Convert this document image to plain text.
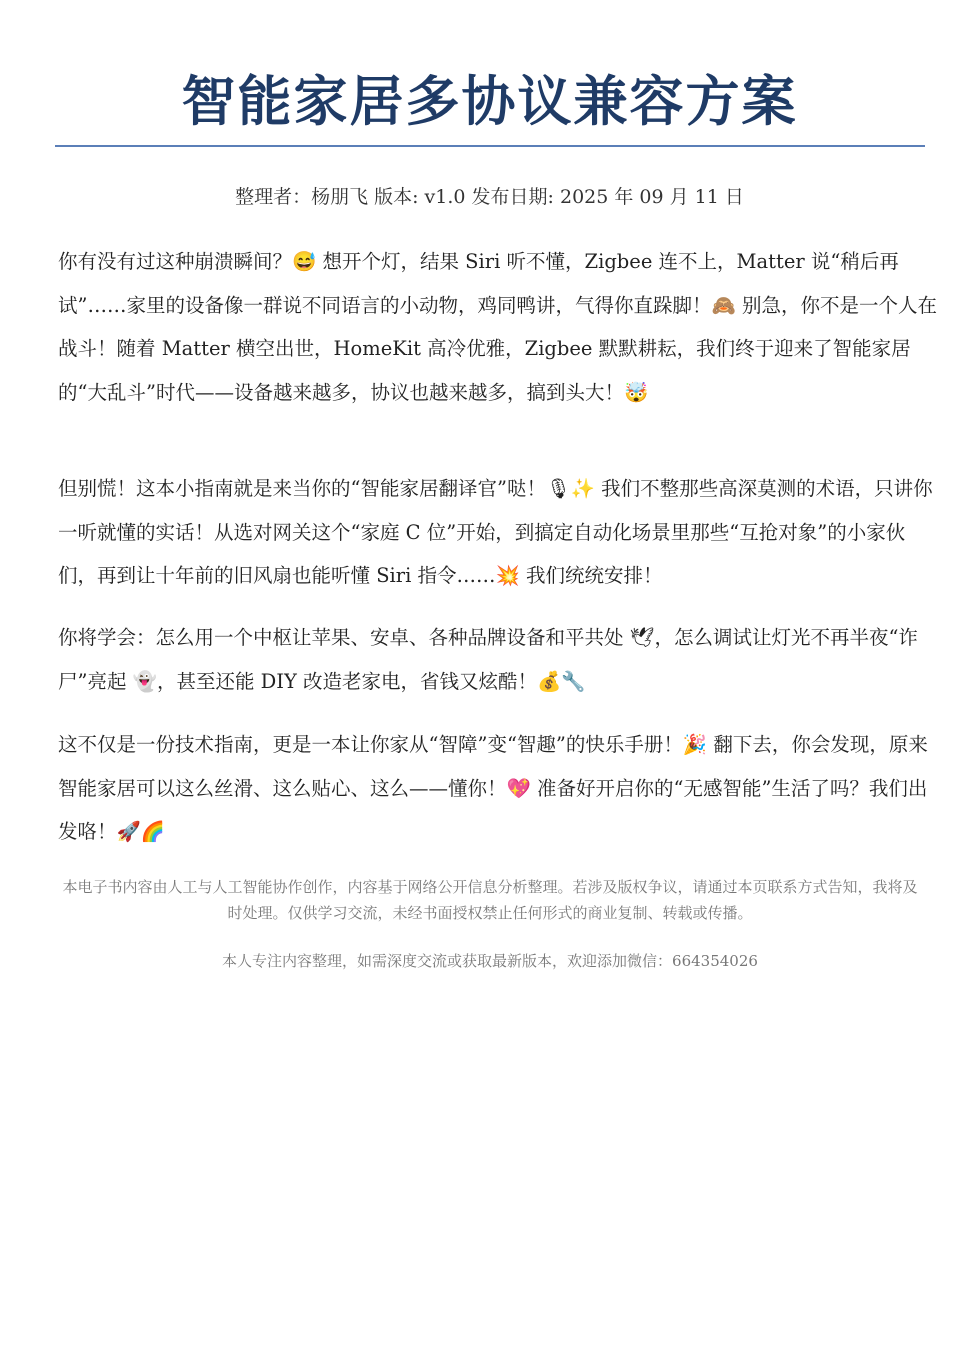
智能家居多协议兼容方案
整理者：杨朋飞 版本: v1.0 发布日期: 2025 年 09 月 11 日
你有没有过这种崩溃瞬间？😅 想开个灯，结果 Siri 听不懂，Zigbee 连不上，Matter 说“稍后再试”……家里的设备像一群说不同语言的小动物，鸡同鸭讲，气得你直跺脚！🙈 别急，你不是一个人在战斗！随着 Matter 横空出世，HomeKit 高冷优雅，Zigbee 默默耕耘，我们终于迎来了智能家居的“大乱斗”时代——设备越来越多，协议也越来越多，搞到头大！🤯
但别慌！这本小指南就是来当你的“智能家居翻译官”哒！🎙✨ 我们不整那些高深莫测的术语，只讲你一听就懂的实话！从选对网关这个“家庭 C 位”开始，到搞定自动化场景里那些“互抢对象”的小家伙们，再到让十年前的旧风扇也能听懂 Siri 指令……💥 我们统统安排！
你将学会：怎么用一个中枢让苹果、安卓、各种品牌设备和平共处 🕊，怎么调试让灯光不再半夜“诈尸”亮起 👻，甚至还能 DIY 改造老家电，省钱又炫酷！💰🔧
这不仅是一份技术指南，更是一本让你家从“智障”变“智趣”的快乐手册！🎉 翻下去，你会发现，原来智能家居可以这么丝滑、这么贴心、这么——懂你！💖 准备好开启你的“无感智能”生活了吗？我们出发咯！🚀🌈
本电子书内容由人工与人工智能协作创作，内容基于网络公开信息分析整理。若涉及版权争议，请通过本页联系方式告知，我将及时处理。仅供学习交流，未经书面授权禁止任何形式的商业复制、转载或传播。
本人专注内容整理，如需深度交流或获取最新版本，欢迎添加微信：664354026
